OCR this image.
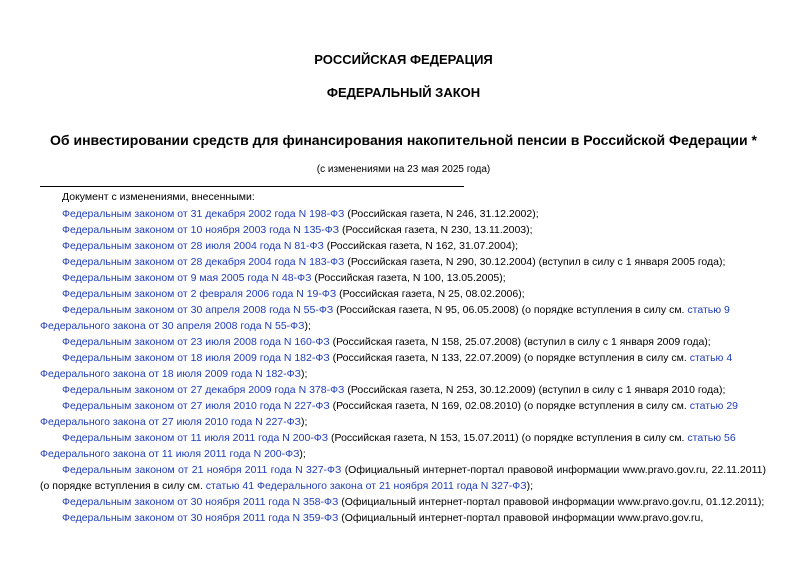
РОССИЙСКАЯ ФЕДЕРАЦИЯ
ФЕДЕРАЛЬНЫЙ ЗАКОН
Об инвестировании средств для финансирования накопительной пенсии в Российской Федерации *
(с изменениями на 23 мая 2025 года)
Документ с изменениями, внесенными:

Федеральным законом от 31 декабря 2002 года N 198-ФЗ (Российская газета, N 246, 31.12.2002);

Федеральным законом от 10 ноября 2003 года N 135-ФЗ (Российская газета, N 230, 13.11.2003);

Федеральным законом от 28 июля 2004 года N 81-ФЗ (Российская газета, N 162, 31.07.2004);

Федеральным законом от 28 декабря 2004 года N 183-ФЗ (Российская газета, N 290, 30.12.2004) (вступил в силу с 1 января 2005 года);

Федеральным законом от 9 мая 2005 года N 48-ФЗ (Российская газета, N 100, 13.05.2005);

Федеральным законом от 2 февраля 2006 года N 19-ФЗ (Российская газета, N 25, 08.02.2006);

Федеральным законом от 30 апреля 2008 года N 55-ФЗ (Российская газета, N 95, 06.05.2008) (о порядке вступления в силу см. статью 9 Федерального закона от 30 апреля 2008 года N 55-ФЗ);

Федеральным законом от 23 июля 2008 года N 160-ФЗ (Российская газета, N 158, 25.07.2008) (вступил в силу с 1 января 2009 года);

Федеральным законом от 18 июля 2009 года N 182-ФЗ (Российская газета, N 133, 22.07.2009) (о порядке вступления в силу см. статью 4 Федерального закона от 18 июля 2009 года N 182-ФЗ);

Федеральным законом от 27 декабря 2009 года N 378-ФЗ (Российская газета, N 253, 30.12.2009) (вступил в силу с 1 января 2010 года);

Федеральным законом от 27 июля 2010 года N 227-ФЗ (Российская газета, N 169, 02.08.2010) (о порядке вступления в силу см. статью 29 Федерального закона от 27 июля 2010 года N 227-ФЗ);

Федеральным законом от 11 июля 2011 года N 200-ФЗ (Российская газета, N 153, 15.07.2011) (о порядке вступления в силу см. статью 56 Федерального закона от 11 июля 2011 года N 200-ФЗ);

Федеральным законом от 21 ноября 2011 года N 327-ФЗ (Официальный интернет-портал правовой информации www.pravo.gov.ru, 22.11.2011) (о порядке вступления в силу см. статью 41 Федерального закона от 21 ноября 2011 года N 327-ФЗ);

Федеральным законом от 30 ноября 2011 года N 358-ФЗ (Официальный интернет-портал правовой информации www.pravo.gov.ru, 01.12.2011);

Федеральным законом от 30 ноября 2011 года N 359-ФЗ (Официальный интернет-портал правовой информации www.pravo.gov.ru,
